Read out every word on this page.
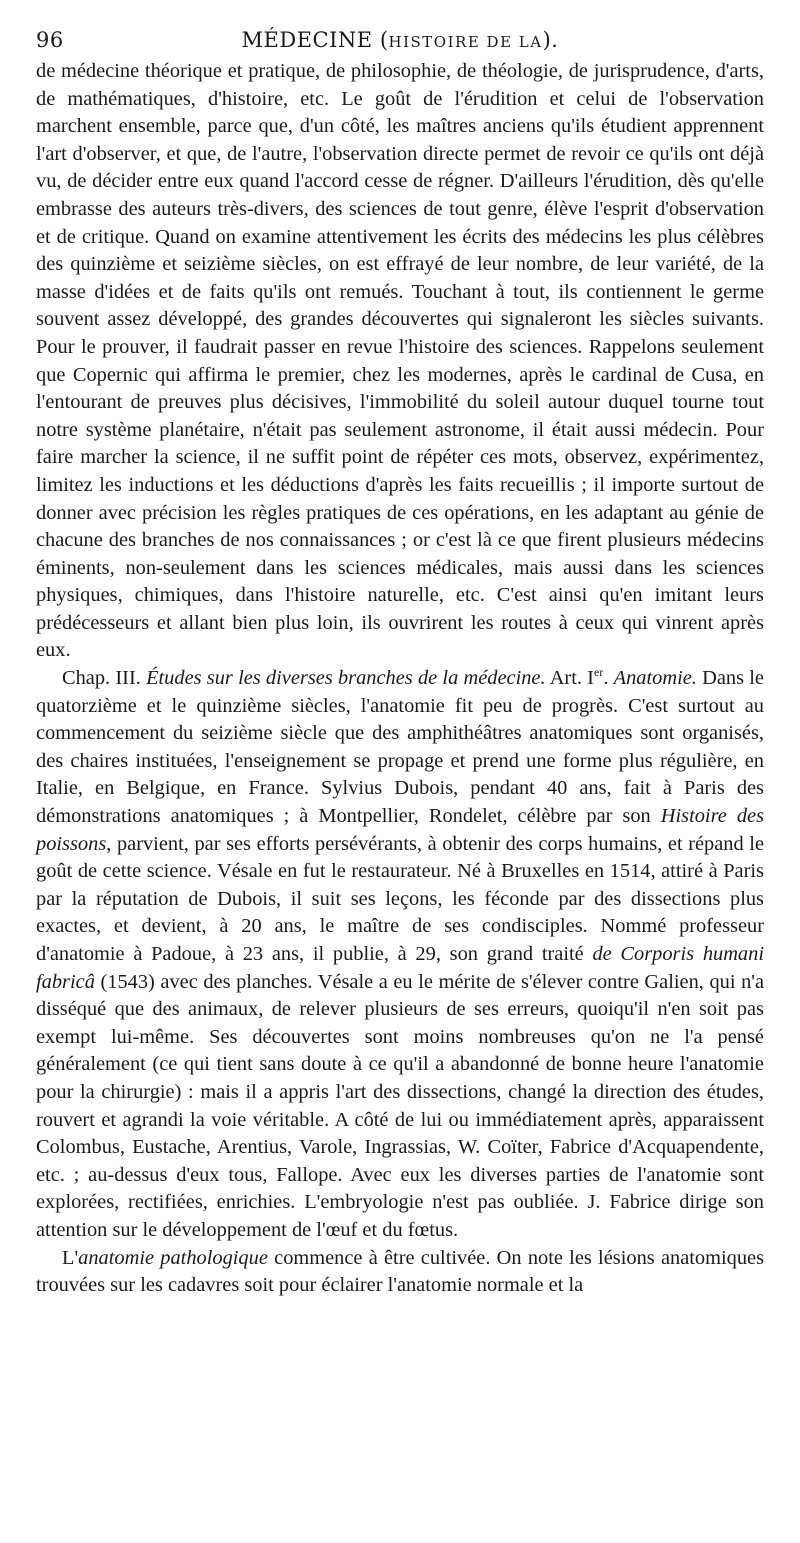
96	MÉDECINE (HISTOIRE DE LA).

de médecine théorique et pratique, de philosophie, de théologie, de jurisprudence, d'arts, de mathématiques, d'histoire, etc. Le goût de l'érudition et celui de l'observation marchent ensemble, parce que, d'un côté, les maîtres anciens qu'ils étudient apprennent l'art d'observer, et que, de l'autre, l'observation directe permet de revoir ce qu'ils ont déjà vu, de décider entre eux quand l'accord cesse de régner. D'ailleurs l'érudition, dès qu'elle embrasse des auteurs très-divers, des sciences de tout genre, élève l'esprit d'observation et de critique. Quand on examine attentivement les écrits des médecins les plus célèbres des quinzième et seizième siècles, on est effrayé de leur nombre, de leur variété, de la masse d'idées et de faits qu'ils ont remués. Touchant à tout, ils contiennent le germe souvent assez développé, des grandes découvertes qui signaleront les siècles suivants. Pour le prouver, il faudrait passer en revue l'histoire des sciences. Rappelons seulement que Copernic qui affirma le premier, chez les modernes, après le cardinal de Cusa, en l'entourant de preuves plus décisives, l'immobilité du soleil autour duquel tourne tout notre système planétaire, n'était pas seulement astronome, il était aussi médecin. Pour faire marcher la science, il ne suffit point de répéter ces mots, observez, expérimentez, limitez les inductions et les déductions d'après les faits recueillis ; il importe surtout de donner avec précision les règles pratiques de ces opérations, en les adaptant au génie de chacune des branches de nos connaissances ; or c'est là ce que firent plusieurs médecins éminents, non-seulement dans les sciences médicales, mais aussi dans les sciences physiques, chimiques, dans l'histoire naturelle, etc. C'est ainsi qu'en imitant leurs prédécesseurs et allant bien plus loin, ils ouvrirent les routes à ceux qui vinrent après eux.

Chap. III. Études sur les diverses branches de la médecine. Art. Ier. Anatomie. Dans le quatorzième et le quinzième siècles, l'anatomie fit peu de progrès. C'est surtout au commencement du seizième siècle que des amphithéâtres anatomiques sont organisés, des chaires instituées, l'enseignement se propage et prend une forme plus régulière, en Italie, en Belgique, en France. Sylvius Dubois, pendant 40 ans, fait à Paris des démonstrations anatomiques ; à Montpellier, Rondelet, célèbre par son Histoire des poissons, parvient, par ses efforts persévérants, à obtenir des corps humains, et répand le goût de cette science. Vésale en fut le restaurateur. Né à Bruxelles en 1514, attiré à Paris par la réputation de Dubois, il suit ses leçons, les féconde par des dissections plus exactes, et devient, à 20 ans, le maître de ses condisciples. Nommé professeur d'anatomie à Padoue, à 23 ans, il publie, à 29, son grand traité de Corporis humani fabricâ (1543) avec des planches. Vésale a eu le mérite de s'élever contre Galien, qui n'a disséqué que des animaux, de relever plusieurs de ses erreurs, quoiqu'il n'en soit pas exempt lui-même. Ses découvertes sont moins nombreuses qu'on ne l'a pensé généralement (ce qui tient sans doute à ce qu'il a abandonné de bonne heure l'anatomie pour la chirurgie) : mais il a appris l'art des dissections, changé la direction des études, rouvert et agrandi la voie véritable. A côté de lui ou immédiatement après, apparaissent Colombus, Eustache, Arentius, Varole, Ingrassias, W. Coïter, Fabrice d'Acquapendente, etc. ; au-dessus d'eux tous, Fallope. Avec eux les diverses parties de l'anatomie sont explorées, rectifiées, enrichies. L'embryologie n'est pas oubliée. J. Fabrice dirige son attention sur le développement de l'œuf et du fœtus.

L'anatomie pathologique commence à être cultivée. On note les lésions anatomiques trouvées sur les cadavres soit pour éclairer l'anatomie normale et la
